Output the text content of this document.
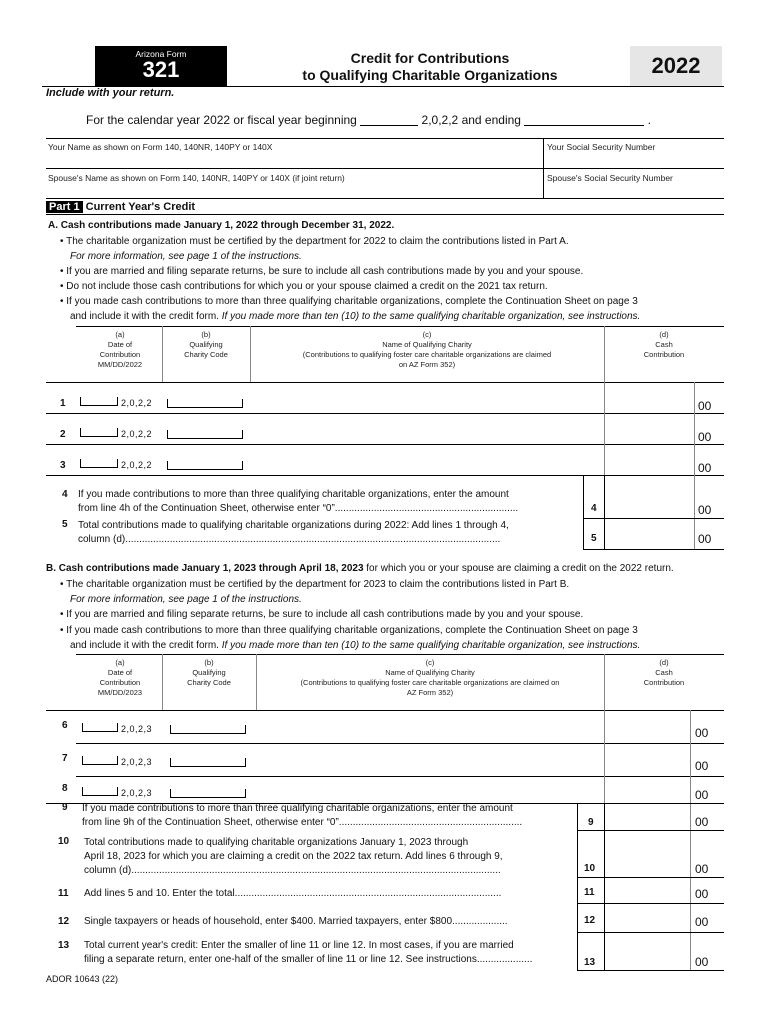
Arizona Form
321	Credit for Contributions
to Qualifying Charitable Organizations	2022
Include with your return.
For the calendar year 2022 or fiscal year beginning	2,0,2,2 and ending	.
Your Name as shown on Form 140, 140NR, 140PY or 140X	Your Social Security Number
Spouse's Name as shown on Form 140, 140NR, 140PY or 140X (if joint return)	Spouse's Social Security Number
Part 1 Current Year's Credit
A. Cash contributions made January 1, 2022 through December 31, 2022.
• The charitable organization must be certified by the department for 2022 to claim the contributions listed in Part A.
For more information, see page 1 of the instructions.
• If you are married and filing separate returns, be sure to include all cash contributions made by you and your spouse.
• Do not include those cash contributions for which you or your spouse claimed a credit on the 2021 tax return.
• If you made cash contributions to more than three qualifying charitable organizations, complete the Continuation Sheet on page 3
and include it with the credit form. If you made more than ten (10) to the same qualifying charitable organization, see instructions.
(a)
Date of
Contribution
MM/DD/2022
(b)
Qualifying
Charity Code
(c)
Name of Qualifying Charity
(Contributions to qualifying foster care charitable organizations are claimed
on AZ Form 352)
(d)
Cash
Contribution
1	2,0,2,2	00
2	2,0,2,2	00
3	2,0,2,2	00
4 If you made contributions to more than three qualifying charitable organizations, enter the amount
from line 4h of the Continuation Sheet, otherwise enter “0”..................................................................	4	00
5 Total contributions made to qualifying charitable organizations during 2022: Add lines 1 through 4,
column (d).......................................................................................................................................	5	00
B. Cash contributions made January 1, 2023 through April 18, 2023 for which you or your spouse are claiming a credit on the 2022 return.
• The charitable organization must be certified by the department for 2023 to claim the contributions listed in Part B.
For more information, see page 1 of the instructions.
• If you are married and filing separate returns, be sure to include all cash contributions made by you and your spouse.
• If you made cash contributions to more than three qualifying charitable organizations, complete the Continuation Sheet on page 3
and include it with the credit form. If you made more than ten (10) to the same qualifying charitable organization, see instructions.
(a)
Date of
Contribution
MM/DD/2023
(b)
Qualifying
Charity Code
(c)
Name of Qualifying Charity
(Contributions to qualifying foster care charitable organizations are claimed on
AZ Form 352)
(d)
Cash
Contribution
6	2,0,2,3	00
7	2,0,2,3	00
8	2,0,2,3	00
9 If you made contributions to more than three qualifying charitable organizations, enter the amount
from line 9h of the Continuation Sheet, otherwise enter “0”..................................................................	9	00
10 Total contributions made to qualifying charitable organizations January 1, 2023 through
April 18, 2023 for which you are claiming a credit on the 2022 tax return. Add lines 6 through 9,
column (d).....................................................................................................................................	10	00
11 Add lines 5 and 10. Enter the total................................................................................................	11	00
12 Single taxpayers or heads of household, enter $400. Married taxpayers, enter $800....................	12	00
13 Total current year's credit: Enter the smaller of line 11 or line 12. In most cases, if you are married
filing a separate return, enter one-half of the smaller of line 11 or line 12. See instructions....................	13	00
ADOR 10643 (22)
